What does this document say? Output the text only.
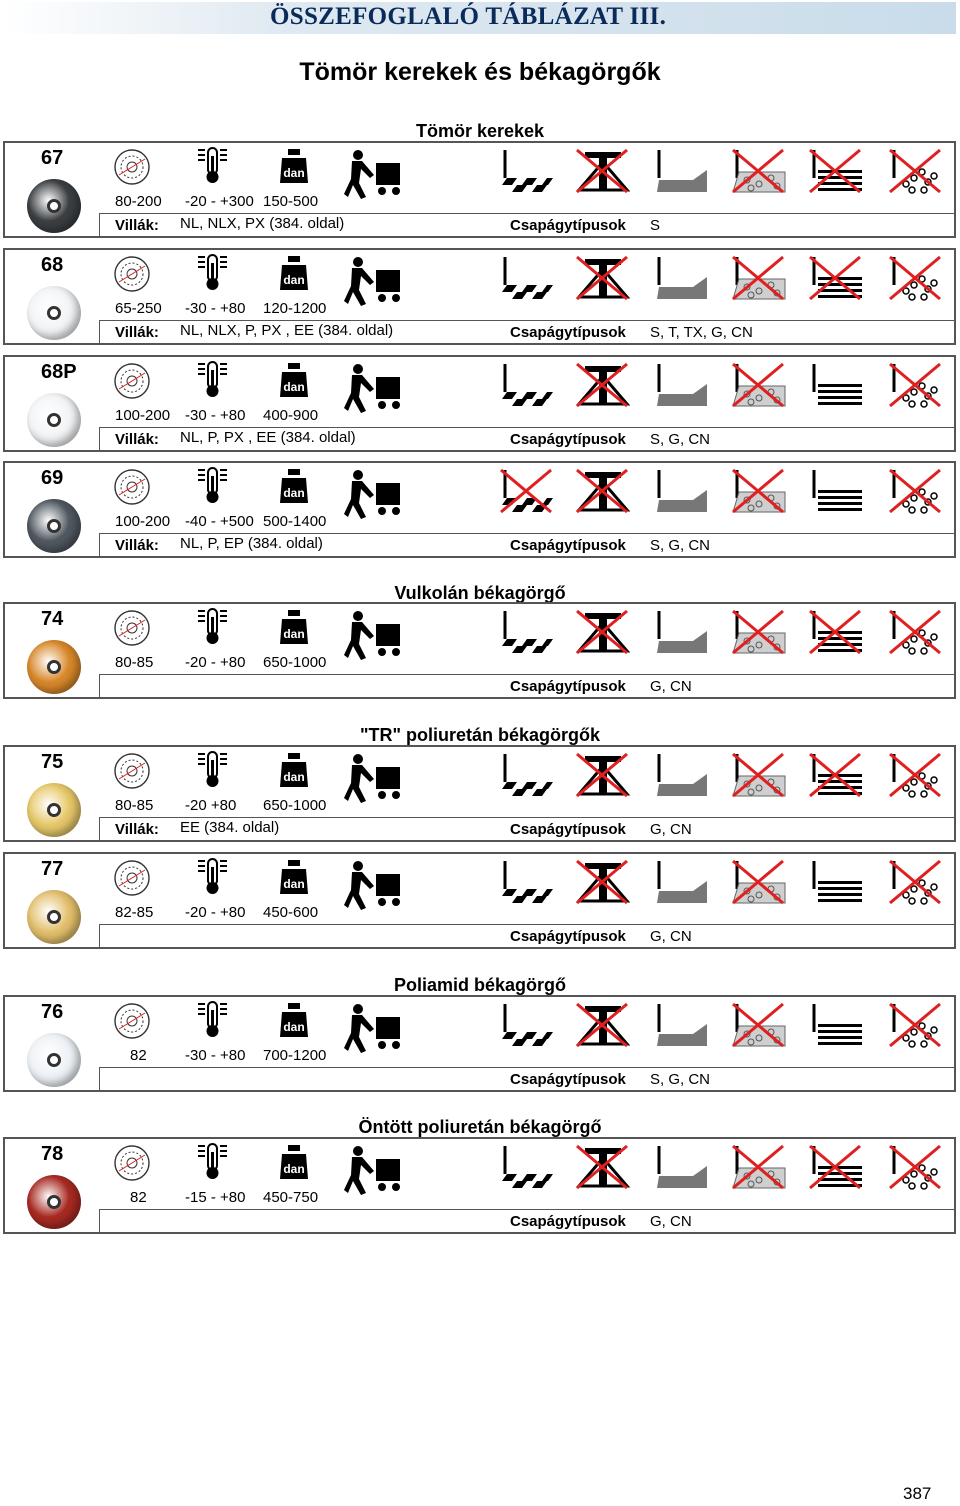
ÖSSZEFOGLALÓ TÁBLÁZAT III.
Tömör kerekek és békagörgők
Tömör kerekek
Vulkolán békagörgő
"TR" poliuretán békagörgők
Poliamid békagörgő
Öntött poliuretán békagörgő
67
dan
80-200 -20 - +300 150-500
Villák: NL, NLX, PX (384. oldal)	Csapágytípusok S
68
dan
65-250 -30 - +80 120-1200
Villák: NL, NLX, P, PX , EE (384. oldal)	Csapágytípusok S, T, TX, G, CN
68P
dan
100-200 -30 - +80 400-900
Villák: NL, P, PX , EE (384. oldal)	Csapágytípusok S, G, CN
69
dan
100-200 -40 - +500 500-1400
Villák: NL, P, EP (384. oldal)	Csapágytípusok S, G, CN
74
dan
80-85 -20 - +80 650-1000
Csapágytípusok G, CN
75
dan
80-85 -20 +80 650-1000
Villák: EE (384. oldal)	Csapágytípusok G, CN
77
dan
82-85 -20 - +80 450-600
Csapágytípusok G, CN
76
dan
82	-30 - +80 700-1200
Csapágytípusok S, G, CN
78
dan
82	-15 - +80 450-750
Csapágytípusok G, CN
387
